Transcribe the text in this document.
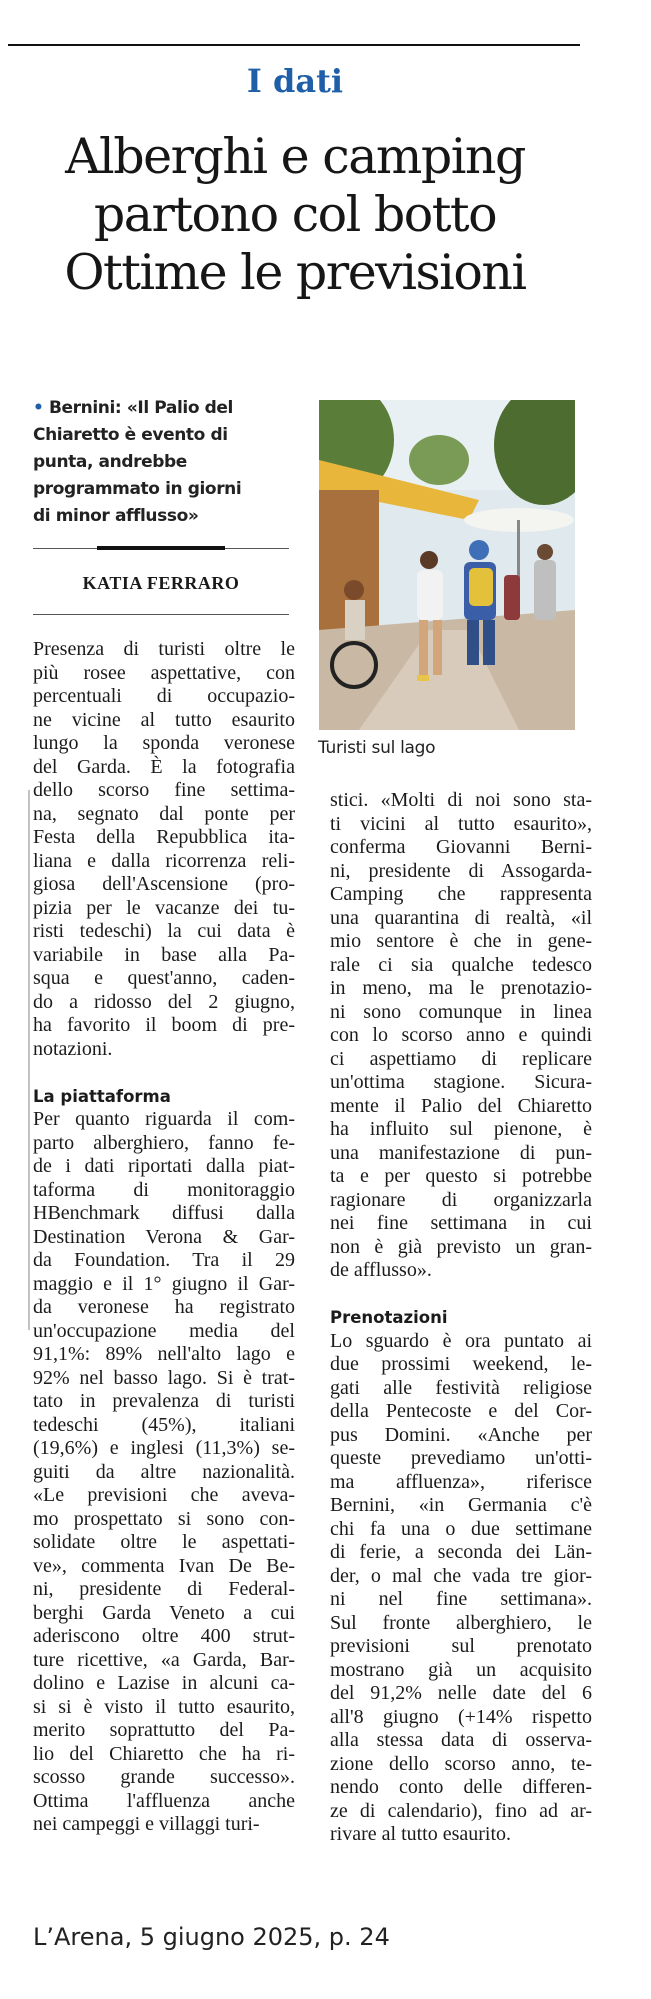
I dati
Alberghi e camping
partono col botto
Ottime le previsioni
• Bernini: «Il Palio del
Chiaretto è evento di
punta, andrebbe
programmato in giorni
di minor afflusso»
KATIA FERRARO
Turisti sul lago
Presenza di turisti oltre le
più rosee aspettative, con
percentuali di occupazio-
ne vicine al tutto esaurito
lungo la sponda veronese
del Garda. È la fotografia
dello scorso fine settima-
na, segnato dal ponte per
Festa della Repubblica ita-
liana e dalla ricorrenza reli-
giosa dell'Ascensione (pro-
pizia per le vacanze dei tu-
risti tedeschi) la cui data è
variabile in base alla Pa-
squa e quest'anno, caden-
do a ridosso del 2 giugno,
ha favorito il boom di pre-
notazioni.

La piattaforma
Per quanto riguarda il com-
parto alberghiero, fanno fe-
de i dati riportati dalla piat-
taforma di monitoraggio
HBenchmark diffusi dalla
Destination Verona & Gar-
da Foundation. Tra il 29
maggio e il 1° giugno il Gar-
da veronese ha registrato
un'occupazione media del
91,1%: 89% nell'alto lago e
92% nel basso lago. Si è trat-
tato in prevalenza di turisti
tedeschi (45%), italiani
(19,6%) e inglesi (11,3%) se-
guiti da altre nazionalità.
«Le previsioni che aveva-
mo prospettato si sono con-
solidate oltre le aspettati-
ve», commenta Ivan De Be-
ni, presidente di Federal-
berghi Garda Veneto a cui
aderiscono oltre 400 strut-
ture ricettive, «a Garda, Bar-
dolino e Lazise in alcuni ca-
si si è visto il tutto esaurito,
merito soprattutto del Pa-
lio del Chiaretto che ha ri-
scosso grande successo».
Ottima l'affluenza anche
nei campeggi e villaggi turi-
stici. «Molti di noi sono sta-
ti vicini al tutto esaurito»,
conferma Giovanni Berni-
ni, presidente di Assogarda-
Camping che rappresenta
una quarantina di realtà, «il
mio sentore è che in gene-
rale ci sia qualche tedesco
in meno, ma le prenotazio-
ni sono comunque in linea
con lo scorso anno e quindi
ci aspettiamo di replicare
un'ottima stagione. Sicura-
mente il Palio del Chiaretto
ha influito sul pienone, è
una manifestazione di pun-
ta e per questo si potrebbe
ragionare di organizzarla
nei fine settimana in cui
non è già previsto un gran-
de afflusso».

Prenotazioni
Lo sguardo è ora puntato ai
due prossimi weekend, le-
gati alle festività religiose
della Pentecoste e del Cor-
pus Domini. «Anche per
queste prevediamo un'otti-
ma affluenza», riferisce
Bernini, «in Germania c'è
chi fa una o due settimane
di ferie, a seconda dei Län-
der, o mal che vada tre gior-
ni nel fine settimana».
Sul fronte alberghiero, le
previsioni sul prenotato
mostrano già un acquisito
del 91,2% nelle date del 6
all'8 giugno (+14% rispetto
alla stessa data di osserva-
zione dello scorso anno, te-
nendo conto delle differen-
ze di calendario), fino ad ar-
rivare al tutto esaurito.
L’Arena, 5 giugno 2025, p. 24
